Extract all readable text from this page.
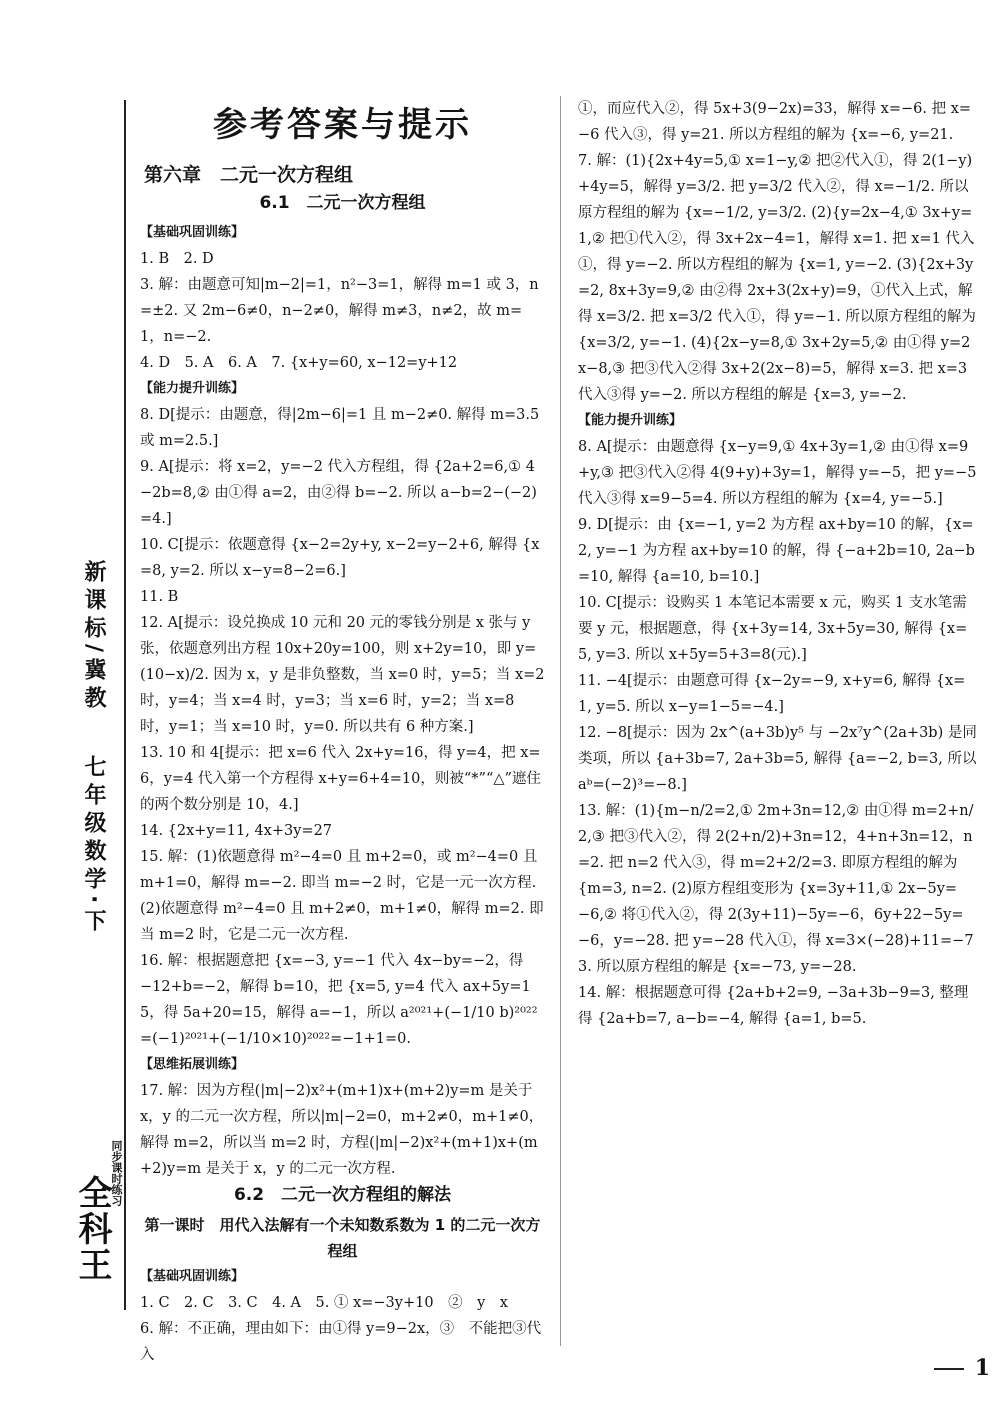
新课标/冀教
七年级数学·下
全科王
同步课时练习
参考答案与提示
第六章　二元一次方程组
6.1　二元一次方程组
【基础巩固训练】
1. B　2. D
3. 解：由题意可知|m−2|=1，n²−3=1，解得 m=1 或 3，n=±2. 又 2m−6≠0，n−2≠0，解得 m≠3，n≠2，故 m=1，n=−2.
4. D　5. A　6. A　7. {x+y=60, x−12=y+12
【能力提升训练】
8. D[提示：由题意，得|2m−6|=1 且 m−2≠0. 解得 m=3.5 或 m=2.5.]
9. A[提示：将 x=2，y=−2 代入方程组，得 {2a+2=6,① 4−2b=8,② 由①得 a=2，由②得 b=−2. 所以 a−b=2−(−2)=4.]
10. C[提示：依题意得 {x−2=2y+y, x−2=y−2+6, 解得 {x=8, y=2. 所以 x−y=8−2=6.]
11. B
12. A[提示：设兑换成 10 元和 20 元的零钱分别是 x 张与 y 张，依题意列出方程 10x+20y=100，则 x+2y=10，即 y=(10−x)/2. 因为 x，y 是非负整数，当 x=0 时，y=5；当 x=2 时，y=4；当 x=4 时，y=3；当 x=6 时，y=2；当 x=8 时，y=1；当 x=10 时，y=0. 所以共有 6 种方案.]
13. 10 和 4[提示：把 x=6 代入 2x+y=16，得 y=4，把 x=6，y=4 代入第一个方程得 x+y=6+4=10，则被“*”“△”遮住的两个数分别是 10，4.]
14. {2x+y=11, 4x+3y=27
15. 解：(1)依题意得 m²−4=0 且 m+2=0，或 m²−4=0 且 m+1=0，解得 m=−2. 即当 m=−2 时，它是一元一次方程. (2)依题意得 m²−4=0 且 m+2≠0，m+1≠0，解得 m=2. 即当 m=2 时，它是二元一次方程.
16. 解：根据题意把 {x=−3, y=−1 代入 4x−by=−2，得 −12+b=−2，解得 b=10，把 {x=5, y=4 代入 ax+5y=15，得 5a+20=15，解得 a=−1，所以 a²⁰²¹+(−1/10 b)²⁰²²=(−1)²⁰²¹+(−1/10×10)²⁰²²=−1+1=0.
【思维拓展训练】
17. 解：因为方程(|m|−2)x²+(m+1)x+(m+2)y=m 是关于 x，y 的二元一次方程，所以|m|−2=0，m+2≠0，m+1≠0，解得 m=2，所以当 m=2 时，方程(|m|−2)x²+(m+1)x+(m+2)y=m 是关于 x，y 的二元一次方程.
6.2　二元一次方程组的解法
第一课时　用代入法解有一个未知数系数为 1 的二元一次方程组
【基础巩固训练】
1. C　2. C　3. C　4. A　5. ① x=−3y+10　②　y　x
6. 解：不正确，理由如下：由①得 y=9−2x，③　不能把③代入
①，而应代入②，得 5x+3(9−2x)=33，解得 x=−6. 把 x=−6 代入③，得 y=21. 所以方程组的解为 {x=−6, y=21.
7. 解：(1){2x+4y=5,① x=1−y,② 把②代入①，得 2(1−y)+4y=5，解得 y=3/2. 把 y=3/2 代入②，得 x=−1/2. 所以原方程组的解为 {x=−1/2, y=3/2. (2){y=2x−4,① 3x+y=1,② 把①代入②，得 3x+2x−4=1，解得 x=1. 把 x=1 代入①，得 y=−2. 所以方程组的解为 {x=1, y=−2. (3){2x+3y=2, 8x+3y=9,② 由②得 2x+3(2x+y)=9，①代入上式，解得 x=3/2. 把 x=3/2 代入①，得 y=−1. 所以原方程组的解为 {x=3/2, y=−1. (4){2x−y=8,① 3x+2y=5,② 由①得 y=2x−8,③ 把③代入②得 3x+2(2x−8)=5，解得 x=3. 把 x=3 代入③得 y=−2. 所以方程组的解是 {x=3, y=−2.
【能力提升训练】
8. A[提示：由题意得 {x−y=9,① 4x+3y=1,② 由①得 x=9+y,③ 把③代入②得 4(9+y)+3y=1，解得 y=−5，把 y=−5 代入③得 x=9−5=4. 所以方程组的解为 {x=4, y=−5.]
9. D[提示：由 {x=−1, y=2 为方程 ax+by=10 的解，{x=2, y=−1 为方程 ax+by=10 的解，得 {−a+2b=10, 2a−b=10, 解得 {a=10, b=10.]
10. C[提示：设购买 1 本笔记本需要 x 元，购买 1 支水笔需要 y 元，根据题意，得 {x+3y=14, 3x+5y=30, 解得 {x=5, y=3. 所以 x+5y=5+3=8(元).]
11. −4[提示：由题意可得 {x−2y=−9, x+y=6, 解得 {x=1, y=5. 所以 x−y=1−5=−4.]
12. −8[提示：因为 2x^(a+3b)y⁵ 与 −2x⁷y^(2a+3b) 是同类项，所以 {a+3b=7, 2a+3b=5, 解得 {a=−2, b=3, 所以 aᵇ=(−2)³=−8.]
13. 解：(1){m−n/2=2,① 2m+3n=12,② 由①得 m=2+n/2,③ 把③代入②，得 2(2+n/2)+3n=12，4+n+3n=12，n=2. 把 n=2 代入③，得 m=2+2/2=3. 即原方程组的解为 {m=3, n=2. (2)原方程组变形为 {x=3y+11,① 2x−5y=−6,② 将①代入②，得 2(3y+11)−5y=−6，6y+22−5y=−6，y=−28. 把 y=−28 代入①，得 x=3×(−28)+11=−73. 所以原方程组的解是 {x=−73, y=−28.
14. 解：根据题意可得 {2a+b+2=9, −3a+3b−9=3, 整理得 {2a+b=7, a−b=−4, 解得 {a=1, b=5.
1
